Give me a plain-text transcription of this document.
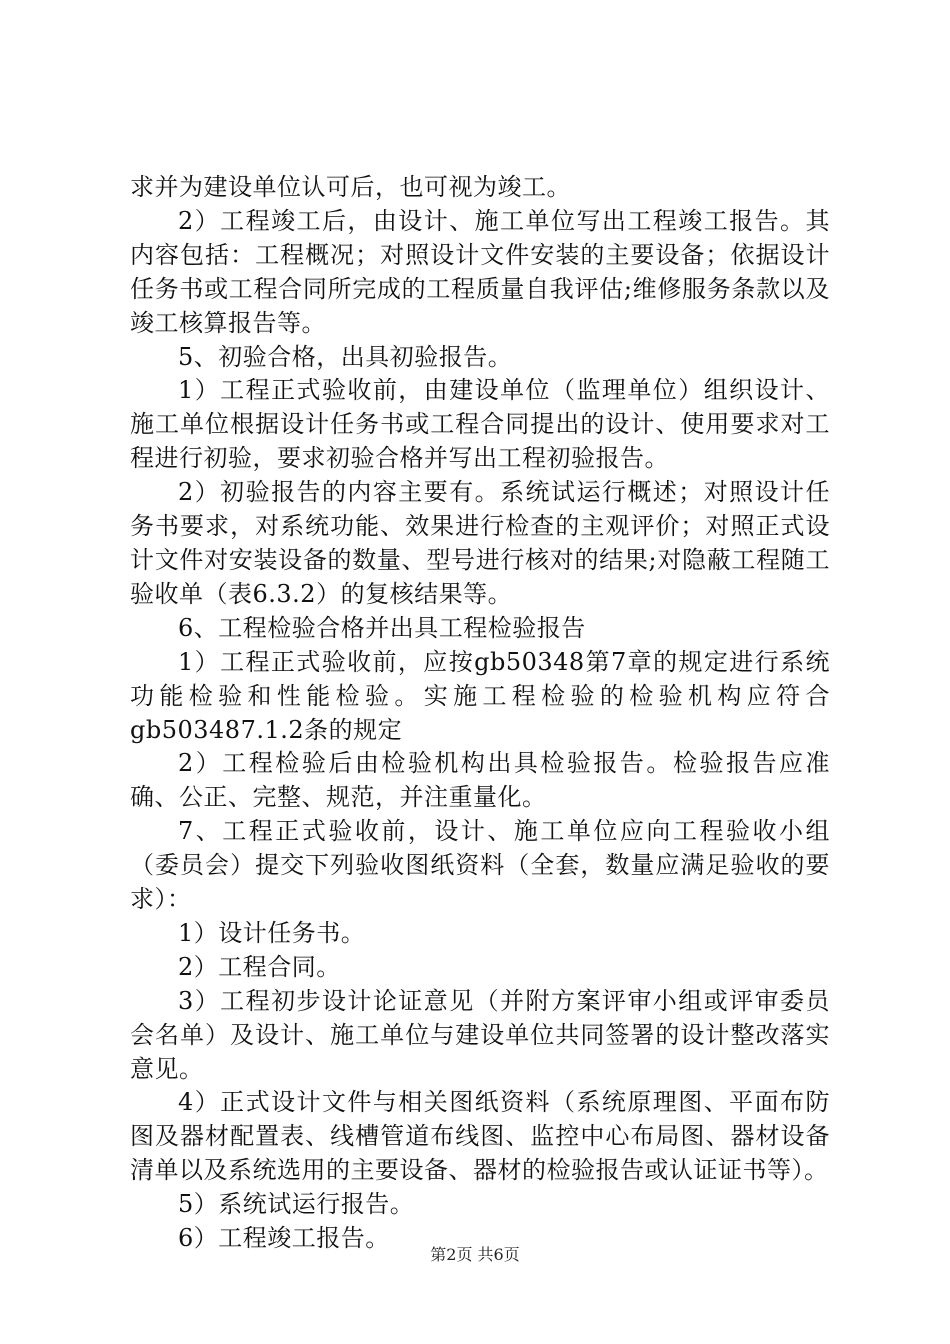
求并为建设单位认可后，也可视为竣工。

2）工程竣工后，由设计、施工单位写出工程竣工报告。其内容包括：工程概况；对照设计文件安装的主要设备；依据设计任务书或工程合同所完成的工程质量自我评估;维修服务条款以及竣工核算报告等。

5、初验合格，出具初验报告。

1）工程正式验收前，由建设单位（监理单位）组织设计、施工单位根据设计任务书或工程合同提出的设计、使用要求对工程进行初验，要求初验合格并写出工程初验报告。

2）初验报告的内容主要有。系统试运行概述；对照设计任务书要求，对系统功能、效果进行检查的主观评价；对照正式设计文件对安装设备的数量、型号进行核对的结果;对隐蔽工程随工验收单（表6.3.2）的复核结果等。

6、工程检验合格并出具工程检验报告

1）工程正式验收前，应按gb50348第7章的规定进行系统功能检验和性能检验。实施工程检验的检验机构应符合gb503487.1.2条的规定

2）工程检验后由检验机构出具检验报告。检验报告应准确、公正、完整、规范，并注重量化。

7、工程正式验收前，设计、施工单位应向工程验收小组（委员会）提交下列验收图纸资料（全套，数量应满足验收的要求）：

1）设计任务书。

2）工程合同。

3）工程初步设计论证意见（并附方案评审小组或评审委员会名单）及设计、施工单位与建设单位共同签署的设计整改落实意见。

4）正式设计文件与相关图纸资料（系统原理图、平面布防图及器材配置表、线槽管道布线图、监控中心布局图、器材设备清单以及系统选用的主要设备、器材的检验报告或认证证书等）。

5）系统试运行报告。

6）工程竣工报告。

第2页 共6页
